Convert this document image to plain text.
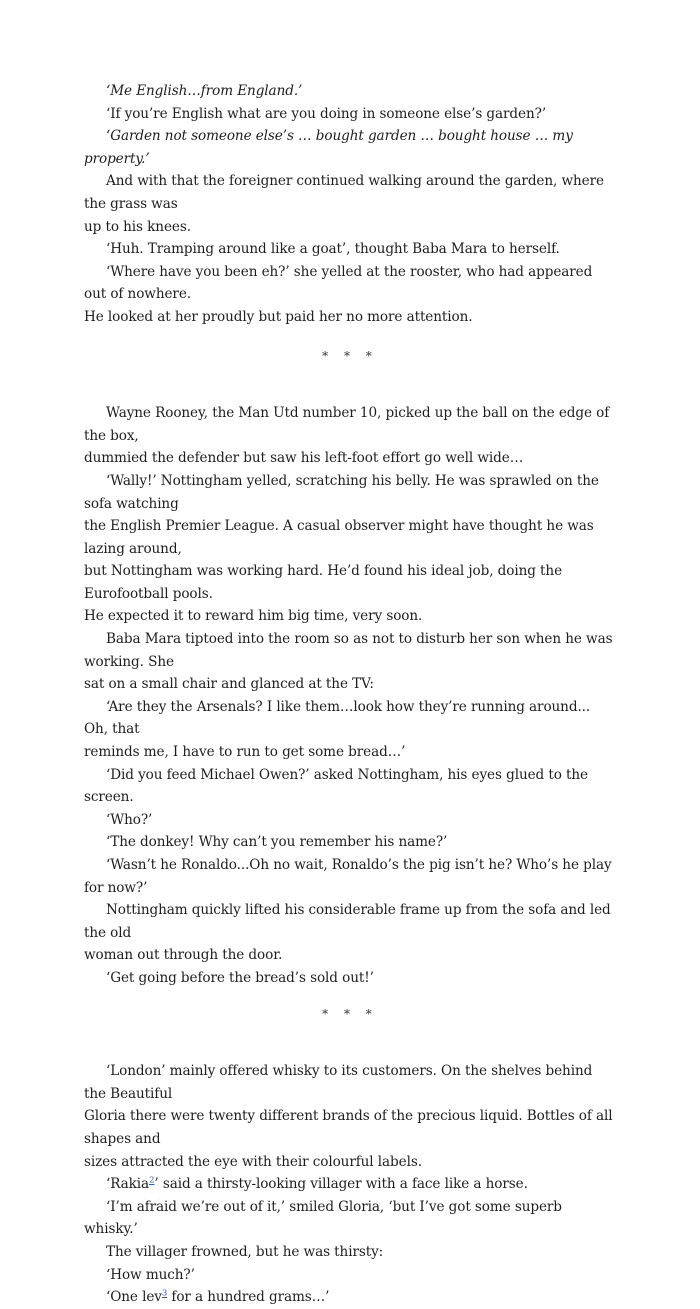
‘Me English…from England.’

‘If you’re English what are you doing in someone else’s garden?’

‘Garden not someone else’s … bought garden … bought house … my property.’

And with that the foreigner continued walking around the garden, where the grass was

up to his knees.

‘Huh. Tramping around like a goat’, thought Baba Mara to herself.

‘Where have you been eh?’ she yelled at the rooster, who had appeared out of nowhere.

He looked at her proudly but paid her no more attention.

* * *

Wayne Rooney, the Man Utd number 10, picked up the ball on the edge of the box,

dummied the defender but saw his left-foot effort go well wide…

‘Wally!’ Nottingham yelled, scratching his belly. He was sprawled on the sofa watching

the English Premier League. A casual observer might have thought he was lazing around,

but Nottingham was working hard. He’d found his ideal job, doing the Eurofootball pools.

He expected it to reward him big time, very soon.

Baba Mara tiptoed into the room so as not to disturb her son when he was working. She

sat on a small chair and glanced at the TV:

‘Are they the Arsenals? I like them…look how they’re running around... Oh, that

reminds me, I have to run to get some bread…’

‘Did you feed Michael Owen?’ asked Nottingham, his eyes glued to the screen.

‘Who?’

‘The donkey! Why can’t you remember his name?’

‘Wasn’t he Ronaldo...Oh no wait, Ronaldo’s the pig isn’t he? Who’s he play for now?’

Nottingham quickly lifted his considerable frame up from the sofa and led the old

woman out through the door.

‘Get going before the bread’s sold out!’

* * *

‘London’ mainly offered whisky to its customers. On the shelves behind the Beautiful

Gloria there were twenty different brands of the precious liquid. Bottles of all shapes and

sizes attracted the eye with their colourful labels.

‘Rakia$^2$’ said a thirsty-looking villager with a face like a horse.

‘I’m afraid we’re out of it,’ smiled Gloria, ‘but I’ve got some superb whisky.’

The villager frowned, but he was thirsty:

‘How much?’

‘One lev$^3$ for a hundred grams…’
